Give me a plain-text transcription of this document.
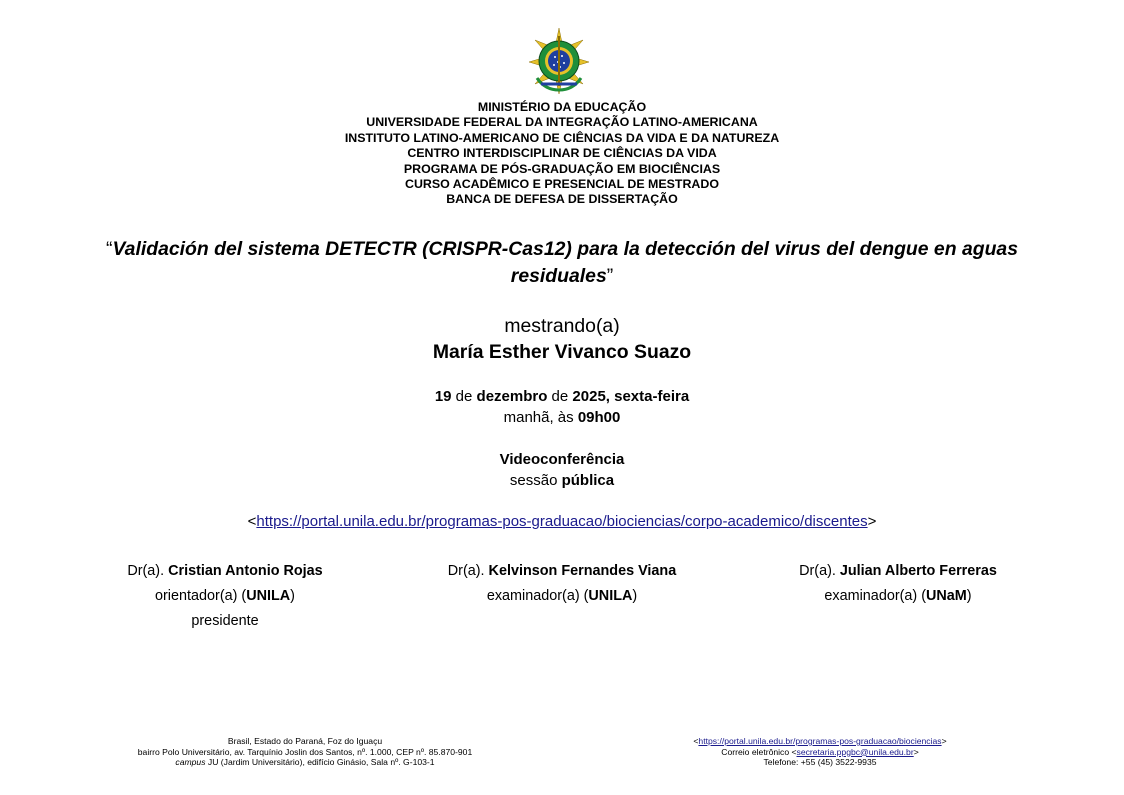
MINISTÉRIO DA EDUCAÇÃO
UNIVERSIDADE FEDERAL DA INTEGRAÇÃO LATINO-AMERICANA
INSTITUTO LATINO-AMERICANO DE CIÊNCIAS DA VIDA E DA NATUREZA
CENTRO INTERDISCIPLINAR DE CIÊNCIAS DA VIDA
PROGRAMA DE PÓS-GRADUAÇÃO EM BIOCIÊNCIAS
CURSO ACADÊMICO E PRESENCIAL DE MESTRADO
BANCA DE DEFESA DE DISSERTAÇÃO
“Validación del sistema DETECTR (CRISPR-Cas12) para la detección del virus del dengue en aguas
residuales”
mestrando(a)
María Esther Vivanco Suazo
19 de dezembro de 2025, sexta-feira
manhã, às 09h00
Videoconferência
sessão pública
<https://portal.unila.edu.br/programas-pos-graduacao/biociencias/corpo-academico/discentes>
Dr(a). Cristian Antonio Rojas
orientador(a) (UNILA)
presidente
Dr(a). Kelvinson Fernandes Viana
examinador(a) (UNILA)
Dr(a). Julian Alberto Ferreras
examinador(a) (UNaM)
Brasil, Estado do Paraná, Foz do Iguaçu
bairro Polo Universitário, av. Tarquínio Joslin dos Santos, nº. 1.000, CEP nº. 85.870-901
campus JU (Jardim Universitário), edifício Ginásio, Sala nº. G-103-1
<https://portal.unila.edu.br/programas-pos-graduacao/biociencias>
Correio eletrônico <secretaria.ppgbc@unila.edu.br>
Telefone: +55 (45) 3522-9935
